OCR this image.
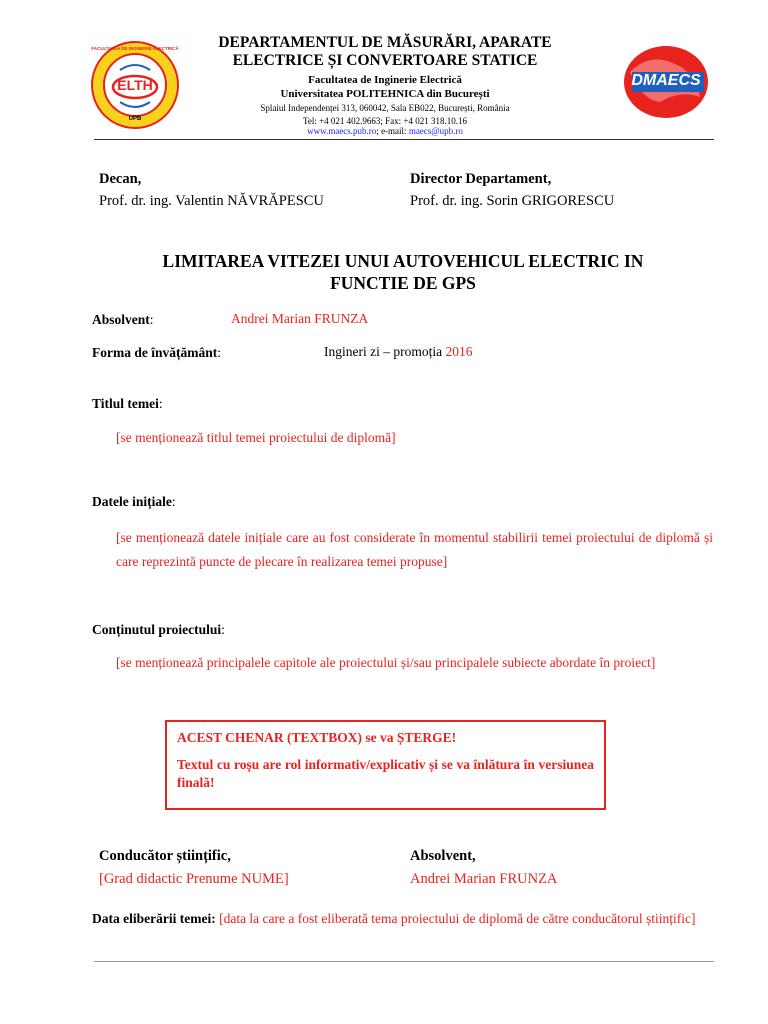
ELTH
FACULTATEA DE INGINERIE ELECTRICĂ
UPB
DEPARTAMENTUL DE MĂSURĂRI, APARATE
ELECTRICE ȘI CONVERTOARE STATICE
Facultatea de Inginerie Electrică
Universitatea POLITEHNICA din București
Splaiul Independenței 313, 060042, Sala EB022, București, România
Tel: +4 021 402.9663; Fax: +4 021 318.10.16
www.maecs.pub.ro; e-mail: maecs@upb.ro
DMAECS
Decan,
Prof. dr. ing. Valentin NĂVRĂPESCU
Director Departament,
Prof. dr. ing. Sorin GRIGORESCU
LIMITAREA VITEZEI UNUI AUTOVEHICUL ELECTRIC IN
FUNCTIE DE GPS
Absolvent:	Andrei Marian FRUNZA
Forma de învățământ:	Ingineri zi – promoția 2016
Titlul temei:
[se menționează titlul temei proiectului de diplomă]
Datele inițiale:
[se menționează datele inițiale care au fost considerate în momentul stabilirii temei proiectului de diplomă și care reprezintă puncte de plecare în realizarea temei propuse]
Conținutul proiectului:
[se menționează principalele capitole ale proiectului și/sau principalele subiecte abordate în proiect]

ACEST CHENAR (TEXTBOX) se va ȘTERGE!

Textul cu roșu are rol informativ/explicativ și se va înlătura în versiunea finală!

Conducător științific,
[Grad didactic Prenume NUME]
Absolvent,
Andrei Marian FRUNZA
Data eliberării temei: [data la care a fost eliberată tema proiectului de diplomă de către conducătorul științific]
